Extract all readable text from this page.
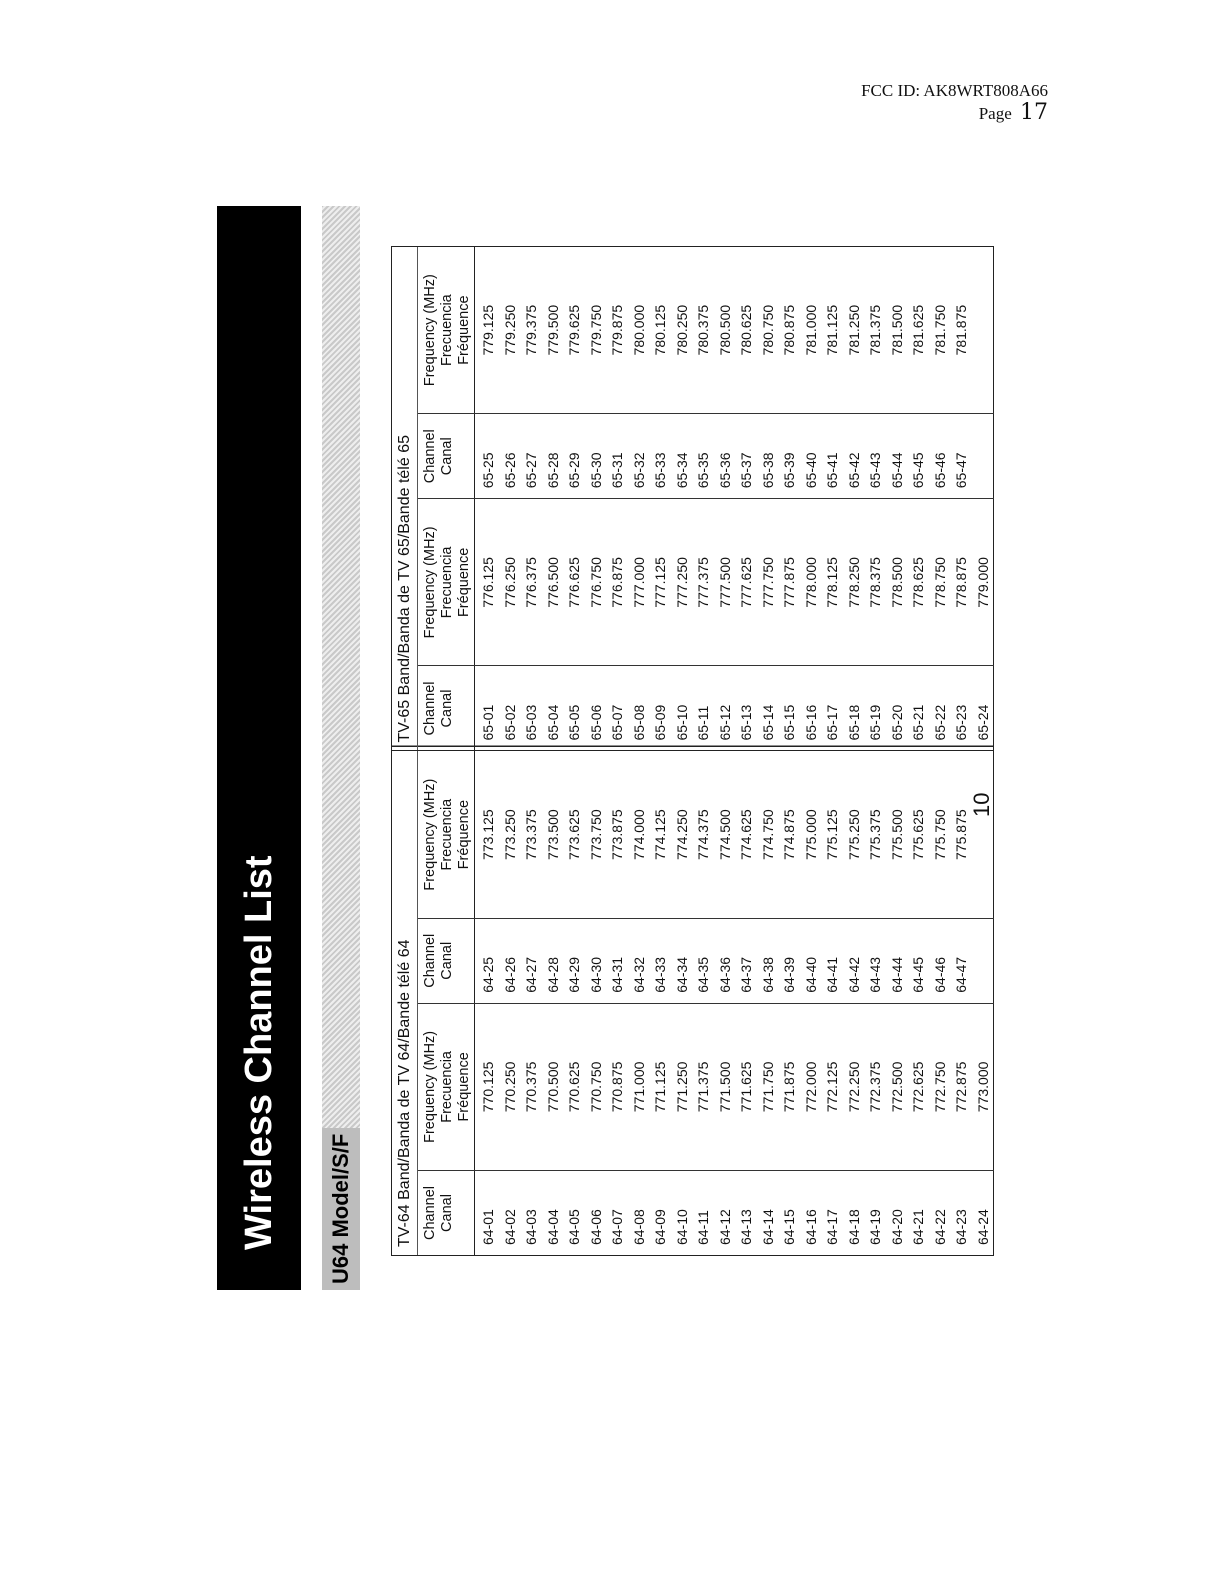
FCC ID: AK8WRT808A66
Page 17
Wireless Channel List	U64 Model/S/F	TV-64 Band/Banda de TV 64/Bande télé 64 Channel Canal 64-01 64-02 64-03 64-04 64-05 64-06 64-07 64-08 64-09 64-10 64-11 64-12 64-13 64-14 64-15 64-16 64-17 64-18 64-19 64-20 64-21 64-22 64-23 64-24
Frequency (MHz) Frecuencia Fréquence 770.125 770.250 770.375 770.500 770.625 770.750 770.875 771.000 771.125 771.250 771.375 771.500 771.625 771.750 771.875 772.000 772.125 772.250 772.375 772.500 772.625 772.750 772.875 773.000
Channel Canal 64-25 64-26 64-27 64-28 64-29 64-30 64-31 64-32 64-33 64-34 64-35 64-36 64-37 64-38 64-39 64-40 64-41 64-42 64-43 64-44 64-45 64-46 64-47
Frequency (MHz) Frecuencia Fréquence 773.125 773.250 773.375 773.500 773.625 773.750 773.875 774.000 774.125 774.250 774.375 774.500 774.625 774.750 774.875 775.000 775.125 775.250 775.375 775.500 775.625 775.750 775.875
TV-65 Band/Banda de TV 65/Bande télé 65 Channel Canal 65-01 65-02 65-03 65-04 65-05 65-06 65-07 65-08 65-09 65-10 65-11 65-12 65-13 65-14 65-15 65-16 65-17 65-18 65-19 65-20 65-21 65-22 65-23 65-24
Frequency (MHz) Frecuencia Fréquence 776.125 776.250 776.375 776.500 776.625 776.750 776.875 777.000 777.125 777.250 777.375 777.500 777.625 777.750 777.875 778.000 778.125 778.250 778.375 778.500 778.625 778.750 778.875 779.000
Channel Canal 65-25 65-26 65-27 65-28 65-29 65-30 65-31 65-32 65-33 65-34 65-35 65-36 65-37 65-38 65-39 65-40 65-41 65-42 65-43 65-44 65-45 65-46 65-47
Frequency (MHz) Frecuencia Fréquence 779.125 779.250 779.375 779.500 779.625 779.750 779.875 780.000 780.125 780.250 780.375 780.500 780.625 780.750 780.875 781.000 781.125 781.250 781.375 781.500 781.625 781.750 781.875
10
